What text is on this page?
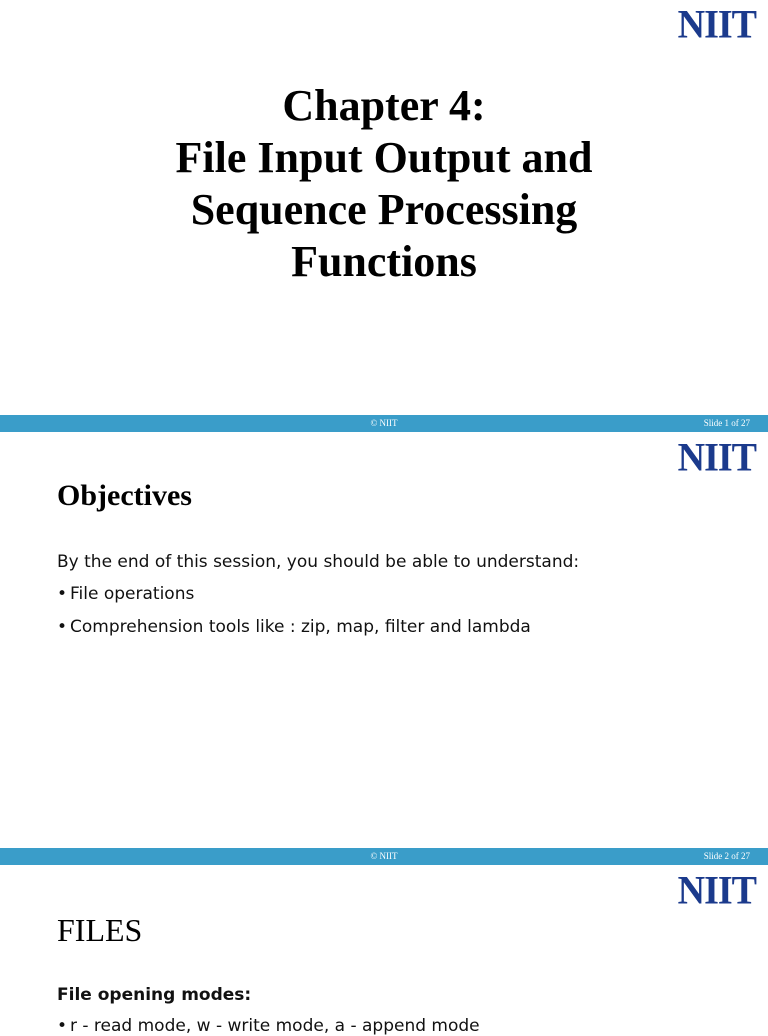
NIIT
Chapter 4:
File Input Output and
Sequence Processing
Functions
© NIIT	Slide 1 of 27
NIIT
Objectives
By the end of this session, you should be able to understand:
• File operations
• Comprehension tools like : zip, map, filter and lambda
© NIIT	Slide 2 of 27
NIIT
FILES
File opening modes:
• r - read mode, w - write mode, a - append mode
